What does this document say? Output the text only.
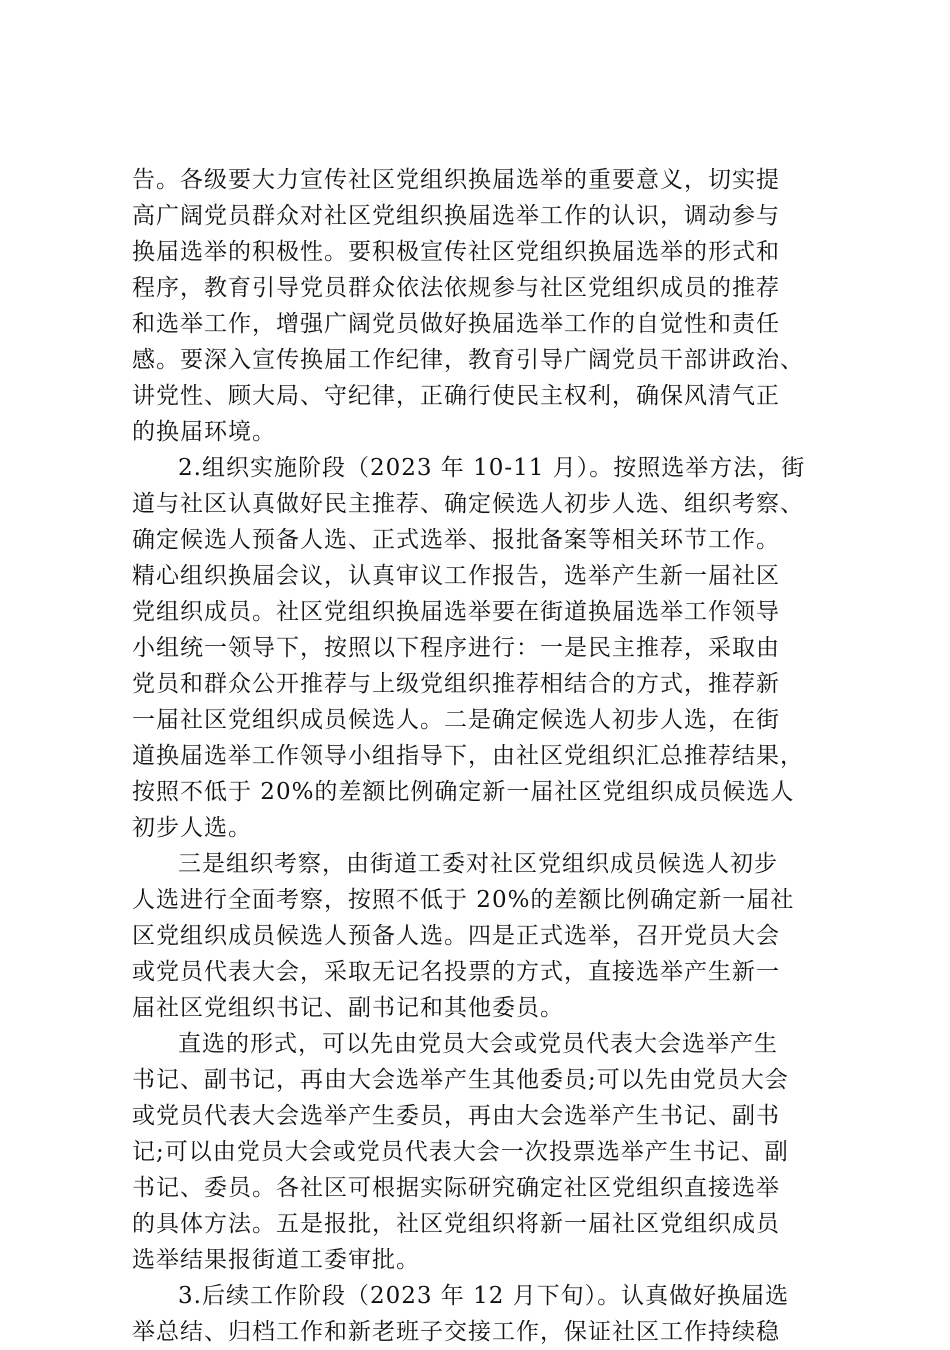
告。各级要大力宣传社区党组织换届选举的重要意义，切实提
高广阔党员群众对社区党组织换届选举工作的认识，调动参与
换届选举的积极性。要积极宣传社区党组织换届选举的形式和
程序，教育引导党员群众依法依规参与社区党组织成员的推荐
和选举工作，增强广阔党员做好换届选举工作的自觉性和责任
感。要深入宣传换届工作纪律，教育引导广阔党员干部讲政治、
讲党性、顾大局、守纪律，正确行使民主权利，确保风清气正
的换届环境。
2.组织实施阶段（2023 年 10-11 月）。按照选举方法，街
道与社区认真做好民主推荐、确定候选人初步人选、组织考察、
确定候选人预备人选、正式选举、报批备案等相关环节工作。
精心组织换届会议，认真审议工作报告，选举产生新一届社区
党组织成员。社区党组织换届选举要在街道换届选举工作领导
小组统一领导下，按照以下程序进行：一是民主推荐，采取由
党员和群众公开推荐与上级党组织推荐相结合的方式，推荐新
一届社区党组织成员候选人。二是确定候选人初步人选，在街
道换届选举工作领导小组指导下，由社区党组织汇总推荐结果，
按照不低于 20%的差额比例确定新一届社区党组织成员候选人
初步人选。
三是组织考察，由街道工委对社区党组织成员候选人初步
人选进行全面考察，按照不低于 20%的差额比例确定新一届社
区党组织成员候选人预备人选。四是正式选举，召开党员大会
或党员代表大会，采取无记名投票的方式，直接选举产生新一
届社区党组织书记、副书记和其他委员。
直选的形式，可以先由党员大会或党员代表大会选举产生
书记、副书记，再由大会选举产生其他委员;可以先由党员大会
或党员代表大会选举产生委员，再由大会选举产生书记、副书
记;可以由党员大会或党员代表大会一次投票选举产生书记、副
书记、委员。各社区可根据实际研究确定社区党组织直接选举
的具体方法。五是报批，社区党组织将新一届社区党组织成员
选举结果报街道工委审批。
3.后续工作阶段（2023 年 12 月下旬）。认真做好换届选
举总结、归档工作和新老班子交接工作，保证社区工作持续稳
